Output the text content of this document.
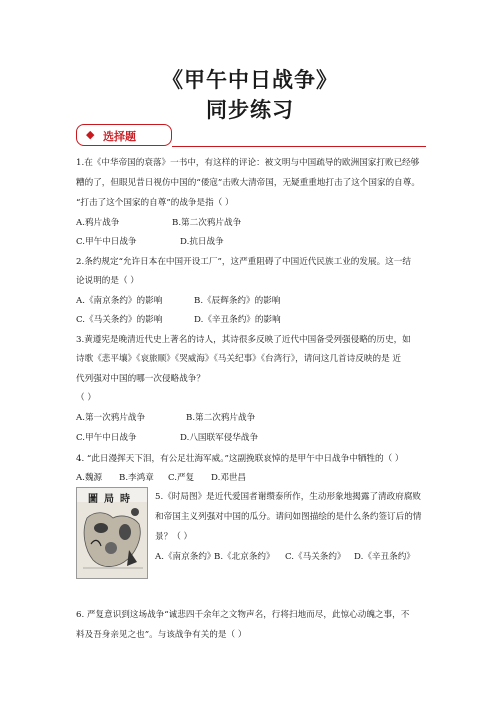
《甲午中日战争》
同步练习
◆ 选择题
1.在《中华帝国的衰落》一书中，有这样的评论：被文明与中国疏导的欧洲国家打败已经够
糟的了，但眼见昔日视仿中国的“倭寇”击败大清帝国，无疑重重地打击了这个国家的自尊。
“打击了这个国家的自尊”的战争是指（ ）
A.鸦片战争	B.第二次鸦片战争
C.甲午中日战争	D.抗日战争
2.条约规定“允许日本在中国开设工厂”，这严重阻碍了中国近代民族工业的发展。这一结
论说明的是（ ）
A.《南京条约》的影响	B.《辰辉条约》的影响
C.《马关条约》的影响	D.《辛丑条约》的影响
3.黄遵宪是晚清近代史上著名的诗人，其诗很多反映了近代中国备受列强侵略的历史，如
诗歌《悲平壤》《哀旅顺》《哭威海》《马关纪事》《台湾行》，请问这几首诗反映的是 近
代列强对中国的哪一次侵略战争？
（ ）
A.第一次鸦片战争	B.第二次鸦片战争
C.甲午中日战争	D.八国联军侵华战争
4. “此日漫挥天下泪，有公足壮海军威。”这副挽联哀悼的是甲午中日战争中牺牲的（ ）
A.魏源 B.李鸿章 C.严复 D.邓世昌
圖局時	5.《时局图》是近代爱国者谢缵泰所作，生动形象地揭露了清政府腐败
和帝国主义列强对中国的瓜分。请问如图描绘的是什么条约签订后的情
景？（ ）
A.《南京条约》
B.《北京条约》 C.《马关条约》 D.《辛丑条约》
6. 严复意识到这场战争“诚悲四千余年之文物声名，行将扫地而尽，此惊心动魄之事，不
料及吾身亲见之也”。与该战争有关的是（ ）
